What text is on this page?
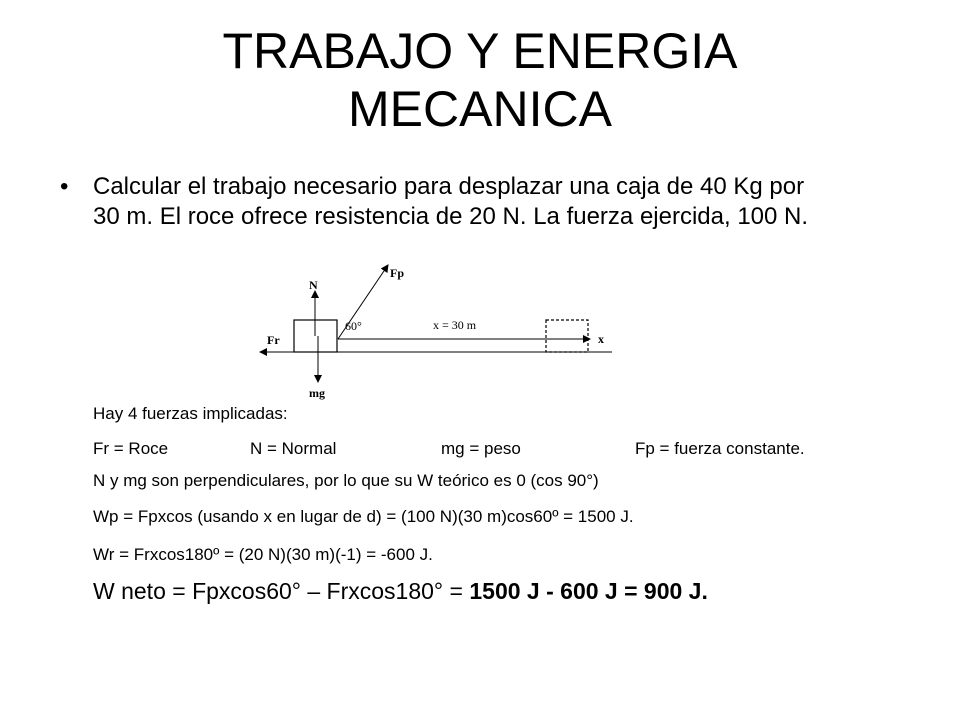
TRABAJO Y ENERGIA
MECANICA
• Calcular el trabajo necesario para desplazar una caja de 40 Kg por
30 m. El roce ofrece resistencia de 20 N. La fuerza ejercida, 100 N.
N
Fp
60°	x = 30 m
Fr	x
mg
Hay 4 fuerzas implicadas:
Fr = Roce	N = Normal	mg = peso	Fp = fuerza constante.
N y mg son perpendiculares, por lo que su W teórico es 0 (cos 90°)
Wp = Fpxcos (usando x en lugar de d) = (100 N)(30 m)cos60º = 1500 J.
Wr = Frxcos180º = (20 N)(30 m)(-1) = -600 J.
W neto = Fpxcos60° – Frxcos180° = 1500 J - 600 J = 900 J.
